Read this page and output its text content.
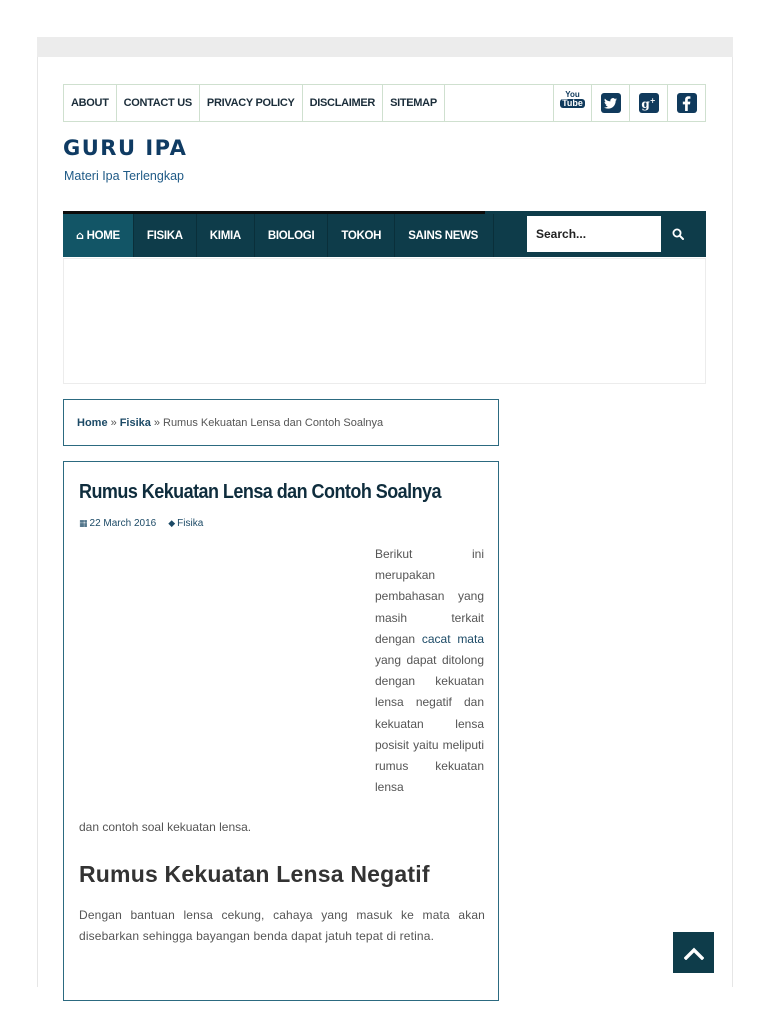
ABOUT	CONTACT US	PRIVACY POLICY	DISCLAIMER	SITEMAP
You
Tube	g+
GURU IPA
Materi Ipa Terlengkap
⌂ HOME	FISIKA	KIMIA	BIOLOGI	TOKOH	SAINS NEWS	Search...
Home » Fisika » Rumus Kekuatan Lensa dan Contoh Soalnya
Rumus Kekuatan Lensa dan Contoh Soalnya
▦ 22 March 2016 ◆ Fisika
Berikut ini merupakan pembahasan yang masih terkait dengan cacat mata yang dapat ditolong dengan kekuatan lensa negatif dan kekuatan lensa posisit yaitu meliputi rumus kekuatan lensa
dan contoh soal kekuatan lensa.
Rumus Kekuatan Lensa Negatif
Dengan bantuan lensa cekung, cahaya yang masuk ke mata akan disebarkan sehingga bayangan benda dapat jatuh tepat di retina.
